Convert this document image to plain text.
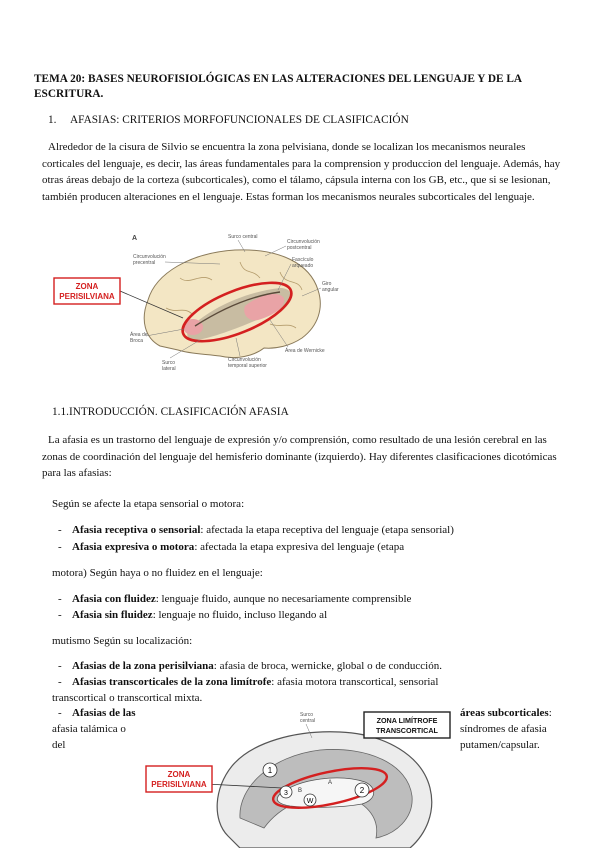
TEMA 20: BASES NEUROFISIOLÓGICAS EN LAS ALTERACIONES DEL LENGUAJE Y DE LA ESCRITURA.
1. AFASIAS: CRITERIOS MORFOFUNCIONALES DE CLASIFICACIÓN
Alrededor de la cisura de Silvio se encuentra la zona pelvisiana, donde se localizan los mecanismos neurales corticales del lenguaje, es decir, las áreas fundamentales para la comprension y produccion del lenguaje. Además, hay otras áreas debajo de la corteza (subcorticales), como el tálamo, cápsula interna con los GB, etc., que si se lesionan, también producen alteraciones en el lenguaje. Estas forman los mecanismos neurales subcorticales del lenguaje.
ZONA
PERISILVIANA
A	Surco central
Circunvolución
postcentral
Circunvolución
precentral	Fascículo
arqueado
Giro
angular
Área de
Broca
Surco
lateral
Circunvolución
temporal superior
Área de Wernicke
1.1.INTRODUCCIÓN. CLASIFICACIÓN AFASIA
La afasia es un trastorno del lenguaje de expresión y/o comprensión, como resultado de una lesión cerebral en las zonas de coordinación del lenguaje del hemisferio dominante (izquierdo). Hay diferentes clasificaciones dicotómicas para las afasias:
Según se afecte la etapa sensorial o motora:
- Afasia receptiva o sensorial: afectada la etapa receptiva del lenguaje (etapa sensorial)
- Afasia expresiva o motora: afectada la etapa expresiva del lenguaje (etapa
motora) Según haya o no fluidez en el lenguaje:
- Afasia con fluidez: lenguaje fluido, aunque no necesariamente comprensible
- Afasia sin fluidez: lenguaje no fluido, incluso llegando al
mutismo Según su localización:
- Afasias de la zona perisilviana: afasia de broca, wernicke, global o de conducción.
- Afasias transcorticales de la zona limítrofe: afasia motora transcortical, sensorial
transcortical o transcortical mixta.
- Afasias de las	áreas subcorticales:
afasia talámica o	síndromes de afasia
del	putamen/capsular.
1
2
W
3
A
B
Surco
central	ZONA LIMÍTROFE
TRANSCORTICAL
ZONA
PERISILVIANA
